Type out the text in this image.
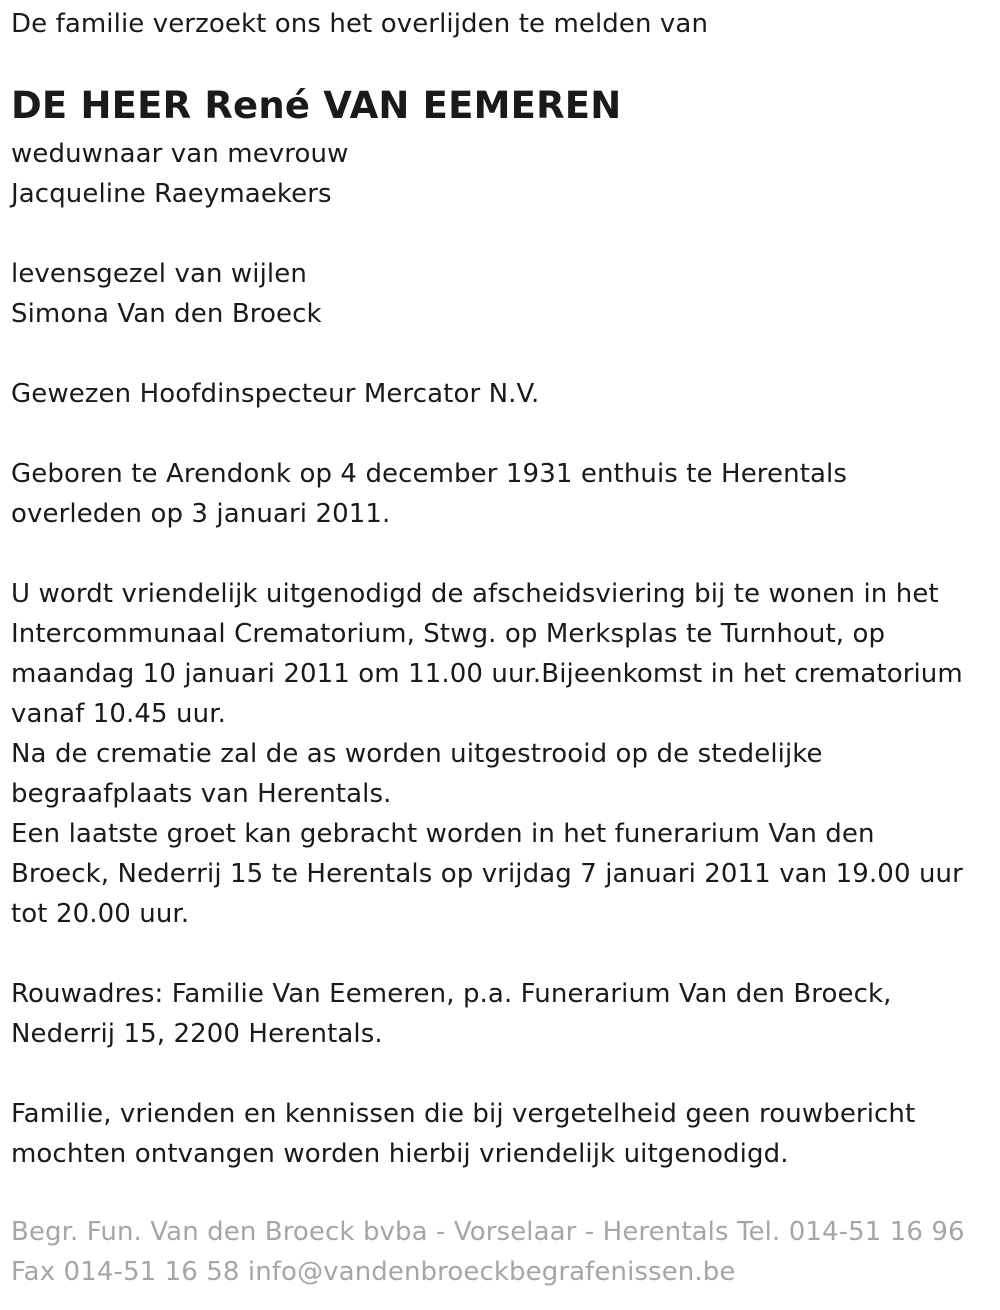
De familie verzoekt ons het overlijden te melden van
DE HEER René VAN EEMEREN
weduwnaar van mevrouw
Jacqueline Raeymaekers
levensgezel van wijlen
Simona Van den Broeck
Gewezen Hoofdinspecteur Mercator N.V.
Geboren te Arendonk op 4 december 1931 enthuis te Herentals
overleden op 3 januari 2011.
U wordt vriendelijk uitgenodigd de afscheidsviering bij te wonen in het
Intercommunaal Crematorium, Stwg. op Merksplas te Turnhout, op
maandag 10 januari 2011 om 11.00 uur.Bijeenkomst in het crematorium
vanaf 10.45 uur.
Na de crematie zal de as worden uitgestrooid op de stedelijke
begraafplaats van Herentals.
Een laatste groet kan gebracht worden in het funerarium Van den
Broeck, Nederrij 15 te Herentals op vrijdag 7 januari 2011 van 19.00 uur
tot 20.00 uur.
Rouwadres: Familie Van Eemeren, p.a. Funerarium Van den Broeck,
Nederrij 15, 2200 Herentals.
Familie, vrienden en kennissen die bij vergetelheid geen rouwbericht
mochten ontvangen worden hierbij vriendelijk uitgenodigd.
Begr. Fun. Van den Broeck bvba - Vorselaar - Herentals Tel. 014-51 16 96
Fax 014-51 16 58 info@vandenbroeckbegrafenissen.be
